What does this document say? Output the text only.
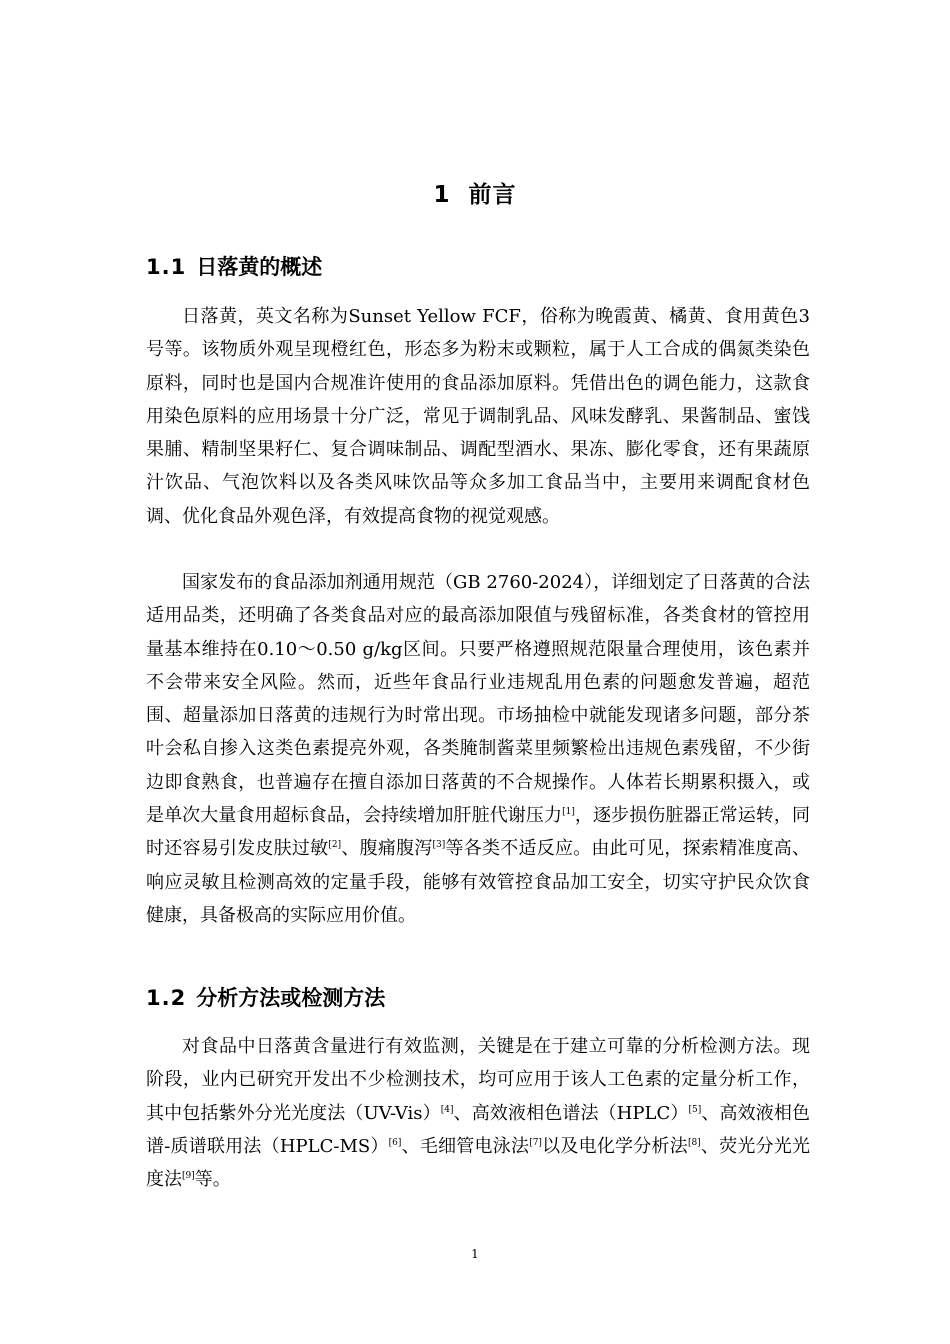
1 前言
1.1 日落黄的概述

日落黄，英文名称为Sunset Yellow FCF，俗称为晚霞黄、橘黄、食用黄色3号等。该物质外观呈现橙红色，形态多为粉末或颗粒，属于人工合成的偶氮类染色原料，同时也是国内合规准许使用的食品添加原料。凭借出色的调色能力，这款食用染色原料的应用场景十分广泛，常见于调制乳品、风味发酵乳、果酱制品、蜜饯果脯、精制坚果籽仁、复合调味制品、调配型酒水、果冻、膨化零食，还有果蔬原汁饮品、气泡饮料以及各类风味饮品等众多加工食品当中，主要用来调配食材色调、优化食品外观色泽，有效提高食物的视觉观感。

国家发布的食品添加剂通用规范（GB 2760-2024），详细划定了日落黄的合法适用品类，还明确了各类食品对应的最高添加限值与残留标准，各类食材的管控用量基本维持在0.10～0.50 g/kg区间。只要严格遵照规范限量合理使用，该色素并不会带来安全风险。然而，近些年食品行业违规乱用色素的问题愈发普遍，超范围、超量添加日落黄的违规行为时常出现。市场抽检中就能发现诸多问题，部分茶叶会私自掺入这类色素提亮外观，各类腌制酱菜里频繁检出违规色素残留，不少街边即食熟食，也普遍存在擅自添加日落黄的不合规操作。人体若长期累积摄入，或是单次大量食用超标食品，会持续增加肝脏代谢压力[1]，逐步损伤脏器正常运转，同时还容易引发皮肤过敏[2]、腹痛腹泻[3]等各类不适反应。由此可见，探索精准度高、响应灵敏且检测高效的定量手段，能够有效管控食品加工安全，切实守护民众饮食健康，具备极高的实际应用价值。

1.2 分析方法或检测方法

对食品中日落黄含量进行有效监测，关键是在于建立可靠的分析检测方法。现阶段，业内已研究开发出不少检测技术，均可应用于该人工色素的定量分析工作，其中包括紫外分光光度法（UV-Vis）[4]、高效液相色谱法（HPLC）[5]、高效液相色谱-质谱联用法（HPLC-MS）[6]、毛细管电泳法[7]以及电化学分析法[8]、荧光分光光度法[9]等。

1
